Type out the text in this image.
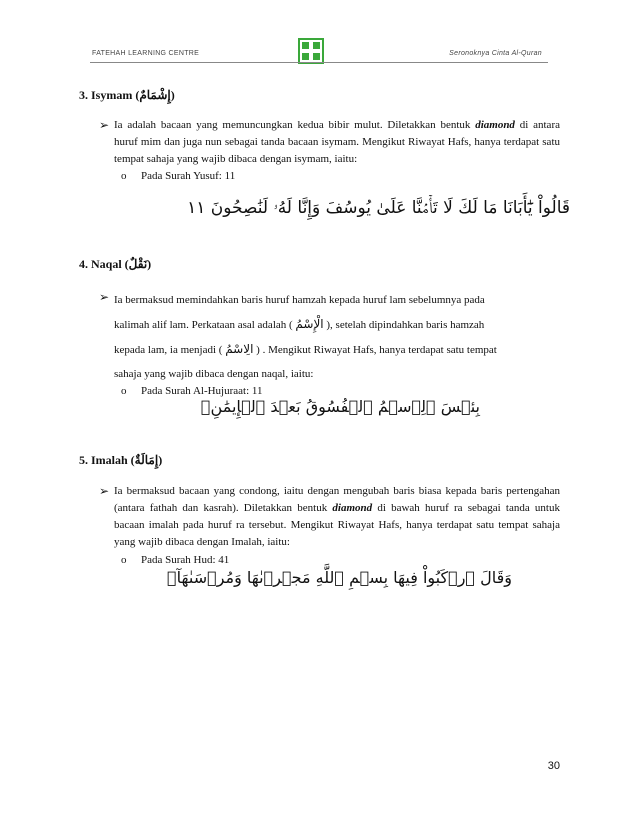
FATEHAH LEARNING CENTRE	Seronoknya Cinta Al-Quran
3. Isymam (إِشْمَامٌ)
➢ Ia adalah bacaan yang memuncungkan kedua bibir mulut. Diletakkan bentuk diamond di antara huruf mim dan juga nun sebagai tanda bacaan isymam. Mengikut Riwayat Hafs, hanya terdapat satu tempat sahaja yang wajib dibaca dengan isymam, iaitu:
o Pada Surah Yusuf: 11
قَالُواْ يَٰٓأَبَانَا مَا لَكَ لَا تَأۡمَ۬نَّا عَلَىٰ يُوسُفَ وَإِنَّا لَهُۥ لَنَٰصِحُونَ ١١
4. Naqal (نَقْلٌ)
➢ Ia bermaksud memindahkan baris huruf hamzah kepada huruf lam sebelumnya pada
kalimah alif lam. Perkataan asal adalah ( الْإِسْمُ ), setelah dipindahkan baris hamzah
kepada lam, ia menjadi ( الِاسْمُ ) . Mengikut Riwayat Hafs, hanya terdapat satu tempat
sahaja yang wajib dibaca dengan naqal, iaitu:
o Pada Surah Al-Hujuraat: 11
بِئۡسَ ٱلِٱسۡمُ ٱلۡفُسُوقُ بَعۡدَ ٱلۡإِيمَٰنِۚ
5. Imalah (إِمَالَةٌ)
➢ Ia bermaksud bacaan yang condong, iaitu dengan mengubah baris biasa kepada baris pertengahan (antara fathah dan kasrah). Diletakkan bentuk diamond di bawah huruf ra sebagai tanda untuk bacaan imalah pada huruf ra tersebut. Mengikut Riwayat Hafs, hanya terdapat satu tempat sahaja yang wajib dibaca dengan Imalah, iaitu:
o Pada Surah Hud: 41
وَقَالَ ٱرۡكَبُواْ فِيهَا بِسۡمِ ٱللَّهِ مَجۡر۪ىٰهَا وَمُرۡسَىٰهَآۚ
30
